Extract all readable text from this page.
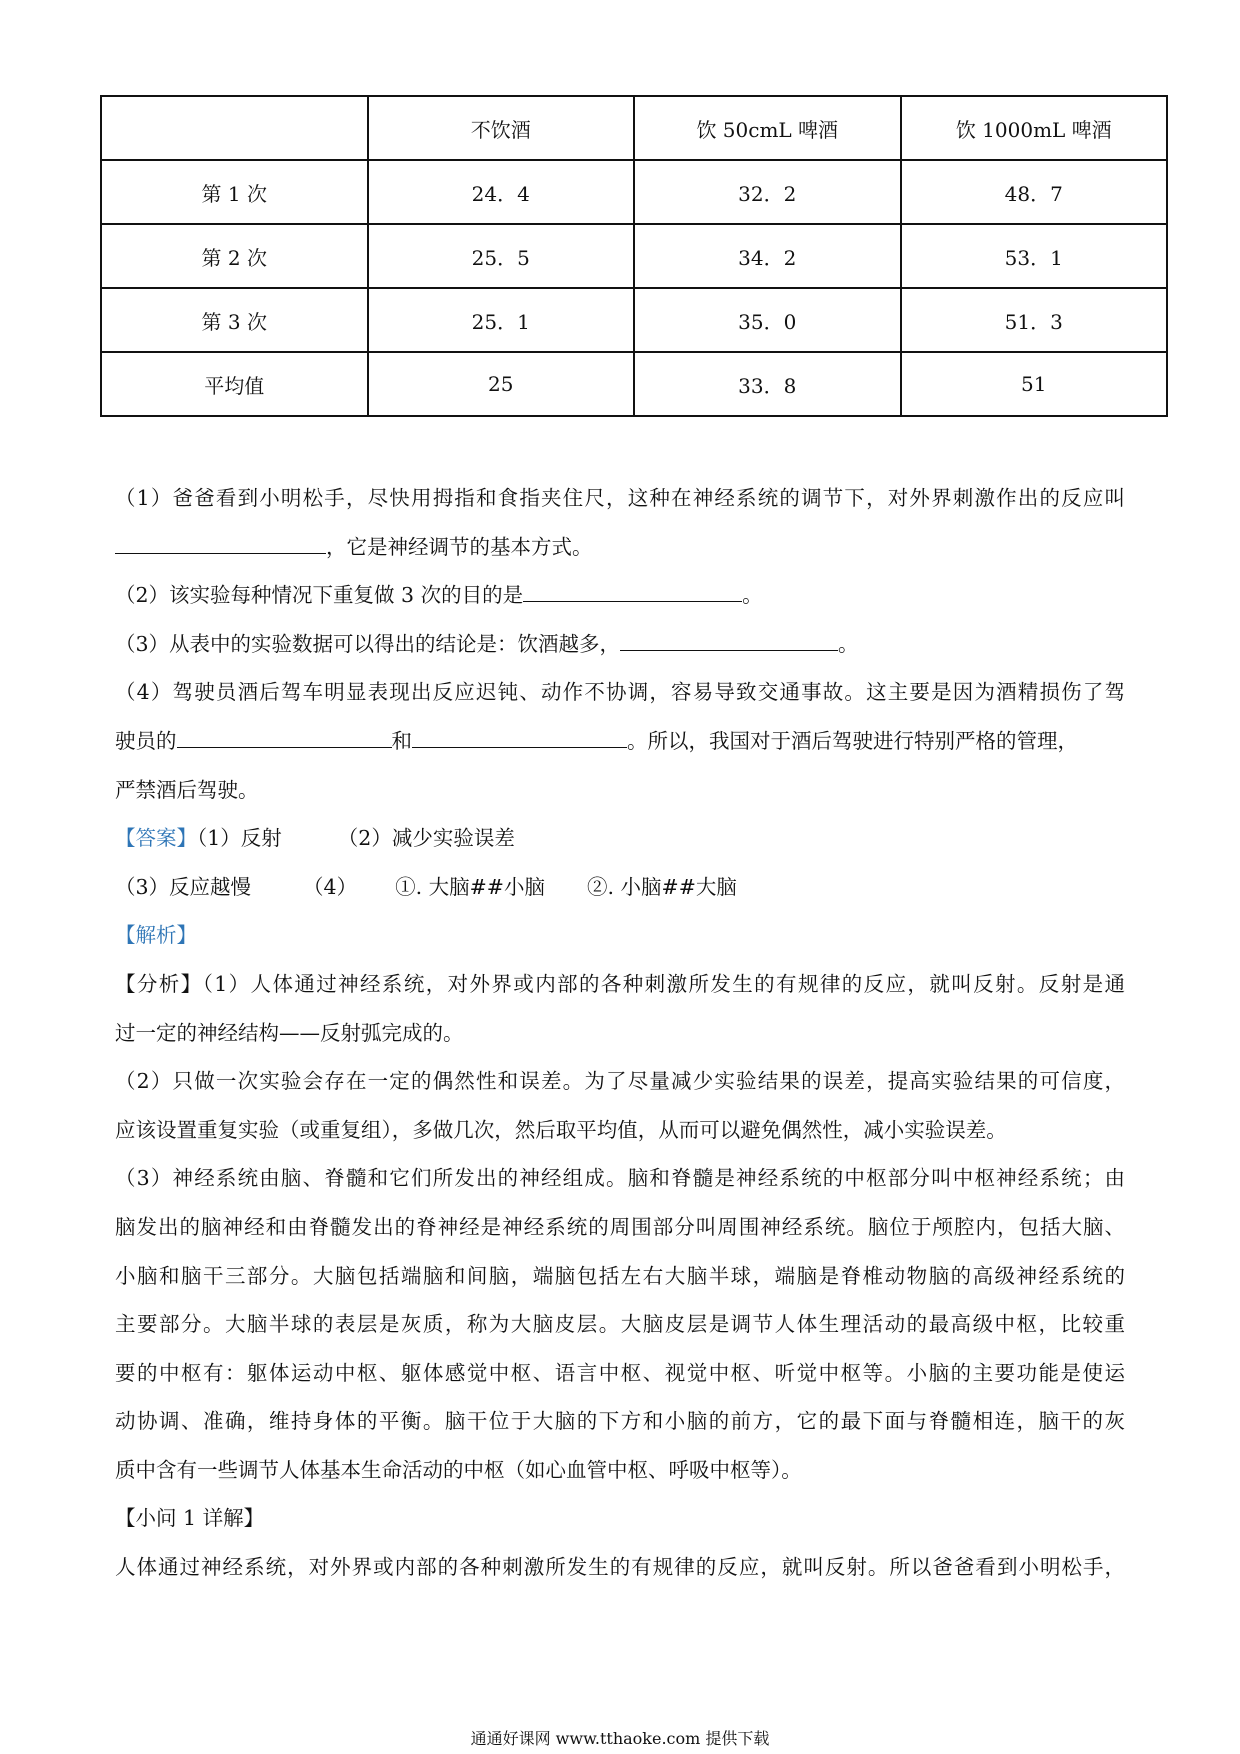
	不饮酒	饮 50cmL 啤酒	饮 1000mL 啤酒
第 1 次	24．4	32．2	48．7
第 2 次	25．5	34．2	53．1
第 3 次	25．1	35．0	51．3
平均值	25	33．8	51
（1）爸爸看到小明松手，尽快用拇指和食指夹住尺，这种在神经系统的调节下，对外界刺激作出的反应叫
，它是神经调节的基本方式。
（2）该实验每种情况下重复做 3 次的目的是	。
（3）从表中的实验数据可以得出的结论是：饮酒越多，	。
（4）驾驶员酒后驾车明显表现出反应迟钝、动作不协调，容易导致交通事故。这主要是因为酒精损伤了驾
驶员的	和	。所以，我国对于酒后驾驶进行特别严格的管理，
严禁酒后驾驶。
【答案】（1）反射	（2）减少实验误差
（3）反应越慢	（4） ①. 大脑##小脑 ②. 小脑##大脑
【解析】
【分析】（1）人体通过神经系统，对外界或内部的各种刺激所发生的有规律的反应，就叫反射。反射是通
过一定的神经结构——反射弧完成的。
（2）只做一次实验会存在一定的偶然性和误差。为了尽量减少实验结果的误差，提高实验结果的可信度，
应该设置重复实验（或重复组），多做几次，然后取平均值，从而可以避免偶然性，减小实验误差。
（3）神经系统由脑、脊髓和它们所发出的神经组成。脑和脊髓是神经系统的中枢部分叫中枢神经系统；由
脑发出的脑神经和由脊髓发出的脊神经是神经系统的周围部分叫周围神经系统。脑位于颅腔内，包括大脑、
小脑和脑干三部分。大脑包括端脑和间脑，端脑包括左右大脑半球，端脑是脊椎动物脑的高级神经系统的
主要部分。大脑半球的表层是灰质，称为大脑皮层。大脑皮层是调节人体生理活动的最高级中枢，比较重
要的中枢有：躯体运动中枢、躯体感觉中枢、语言中枢、视觉中枢、听觉中枢等。小脑的主要功能是使运
动协调、准确，维持身体的平衡。脑干位于大脑的下方和小脑的前方，它的最下面与脊髓相连，脑干的灰
质中含有一些调节人体基本生命活动的中枢（如心血管中枢、呼吸中枢等）。
【小问 1 详解】
人体通过神经系统，对外界或内部的各种刺激所发生的有规律的反应，就叫反射。所以爸爸看到小明松手，
通通好课网 www.tthaoke.com 提供下载
